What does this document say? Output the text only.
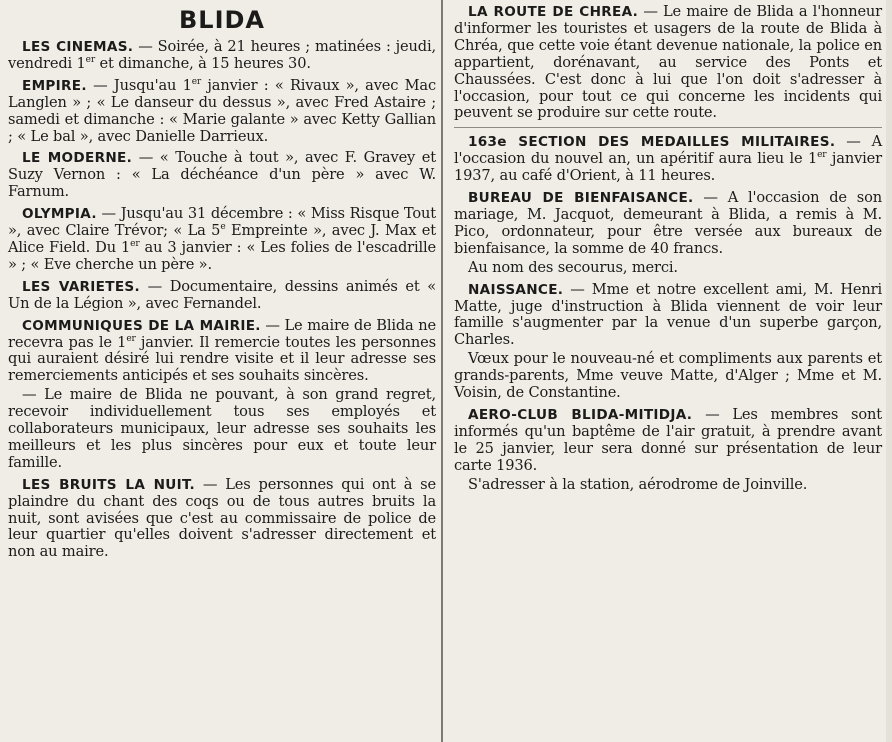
BLIDA

LES CINEMAS. — Soirée, à 21 heures ; matinées : jeudi, vendredi 1er et dimanche, à 15 heures 30.

EMPIRE. — Jusqu'au 1er janvier : « Rivaux », avec Mac Langlen » ; « Le danseur du dessus », avec Fred Astaire ; samedi et dimanche : « Marie galante » avec Ketty Gallian ; « Le bal », avec Danielle Darrieux.

LE MODERNE. — « Touche à tout », avec F. Gravey et Suzy Vernon : « La déchéance d'un père » avec W. Farnum.

OLYMPIA. — Jusqu'au 31 décembre : « Miss Risque Tout », avec Claire Trévor; « La 5e Empreinte », avec J. Max et Alice Field. Du 1er au 3 janvier : « Les folies de l'escadrille » ; « Eve cherche un père ».

LES VARIETES. — Documentaire, dessins animés et « Un de la Légion », avec Fernandel.

COMMUNIQUES DE LA MAIRIE. — Le maire de Blida ne recevra pas le 1er janvier. Il remercie toutes les personnes qui auraient désiré lui rendre visite et il leur adresse ses remerciements anticipés et ses souhaits sincères.

— Le maire de Blida ne pouvant, à son grand regret, recevoir individuellement tous ses employés et collaborateurs municipaux, leur adresse ses souhaits les meilleurs et les plus sincères pour eux et toute leur famille.

LES BRUITS LA NUIT. — Les personnes qui ont à se plaindre du chant des coqs ou de tous autres bruits la nuit, sont avisées que c'est au commissaire de police de leur quartier qu'elles doivent s'adresser directement et non au maire.

LA ROUTE DE CHREA. — Le maire de Blida a l'honneur d'informer les touristes et usagers de la route de Blida à Chréa, que cette voie étant devenue nationale, la police en appartient, dorénavant, au service des Ponts et Chaussées. C'est donc à lui que l'on doit s'adresser à l'occasion, pour tout ce qui concerne les incidents qui peuvent se produire sur cette route.

163e SECTION DES MEDAILLES MILITAIRES. — A l'occasion du nouvel an, un apéritif aura lieu le 1er janvier 1937, au café d'Orient, à 11 heures.

BUREAU DE BIENFAISANCE. — A l'occasion de son mariage, M. Jacquot, demeurant à Blida, a remis à M. Pico, ordonnateur, pour être versée aux bureaux de bienfaisance, la somme de 40 francs.

Au nom des secourus, merci.

NAISSANCE. — Mme et notre excellent ami, M. Henri Matte, juge d'instruction à Blida viennent de voir leur famille s'augmenter par la venue d'un superbe garçon, Charles.

Vœux pour le nouveau-né et compliments aux parents et grands-parents, Mme veuve Matte, d'Alger ; Mme et M. Voisin, de Constantine.

AERO-CLUB BLIDA-MITIDJA. — Les membres sont informés qu'un baptême de l'air gratuit, à prendre avant le 25 janvier, leur sera donné sur présentation de leur carte 1936.

S'adresser à la station, aérodrome de Joinville.
